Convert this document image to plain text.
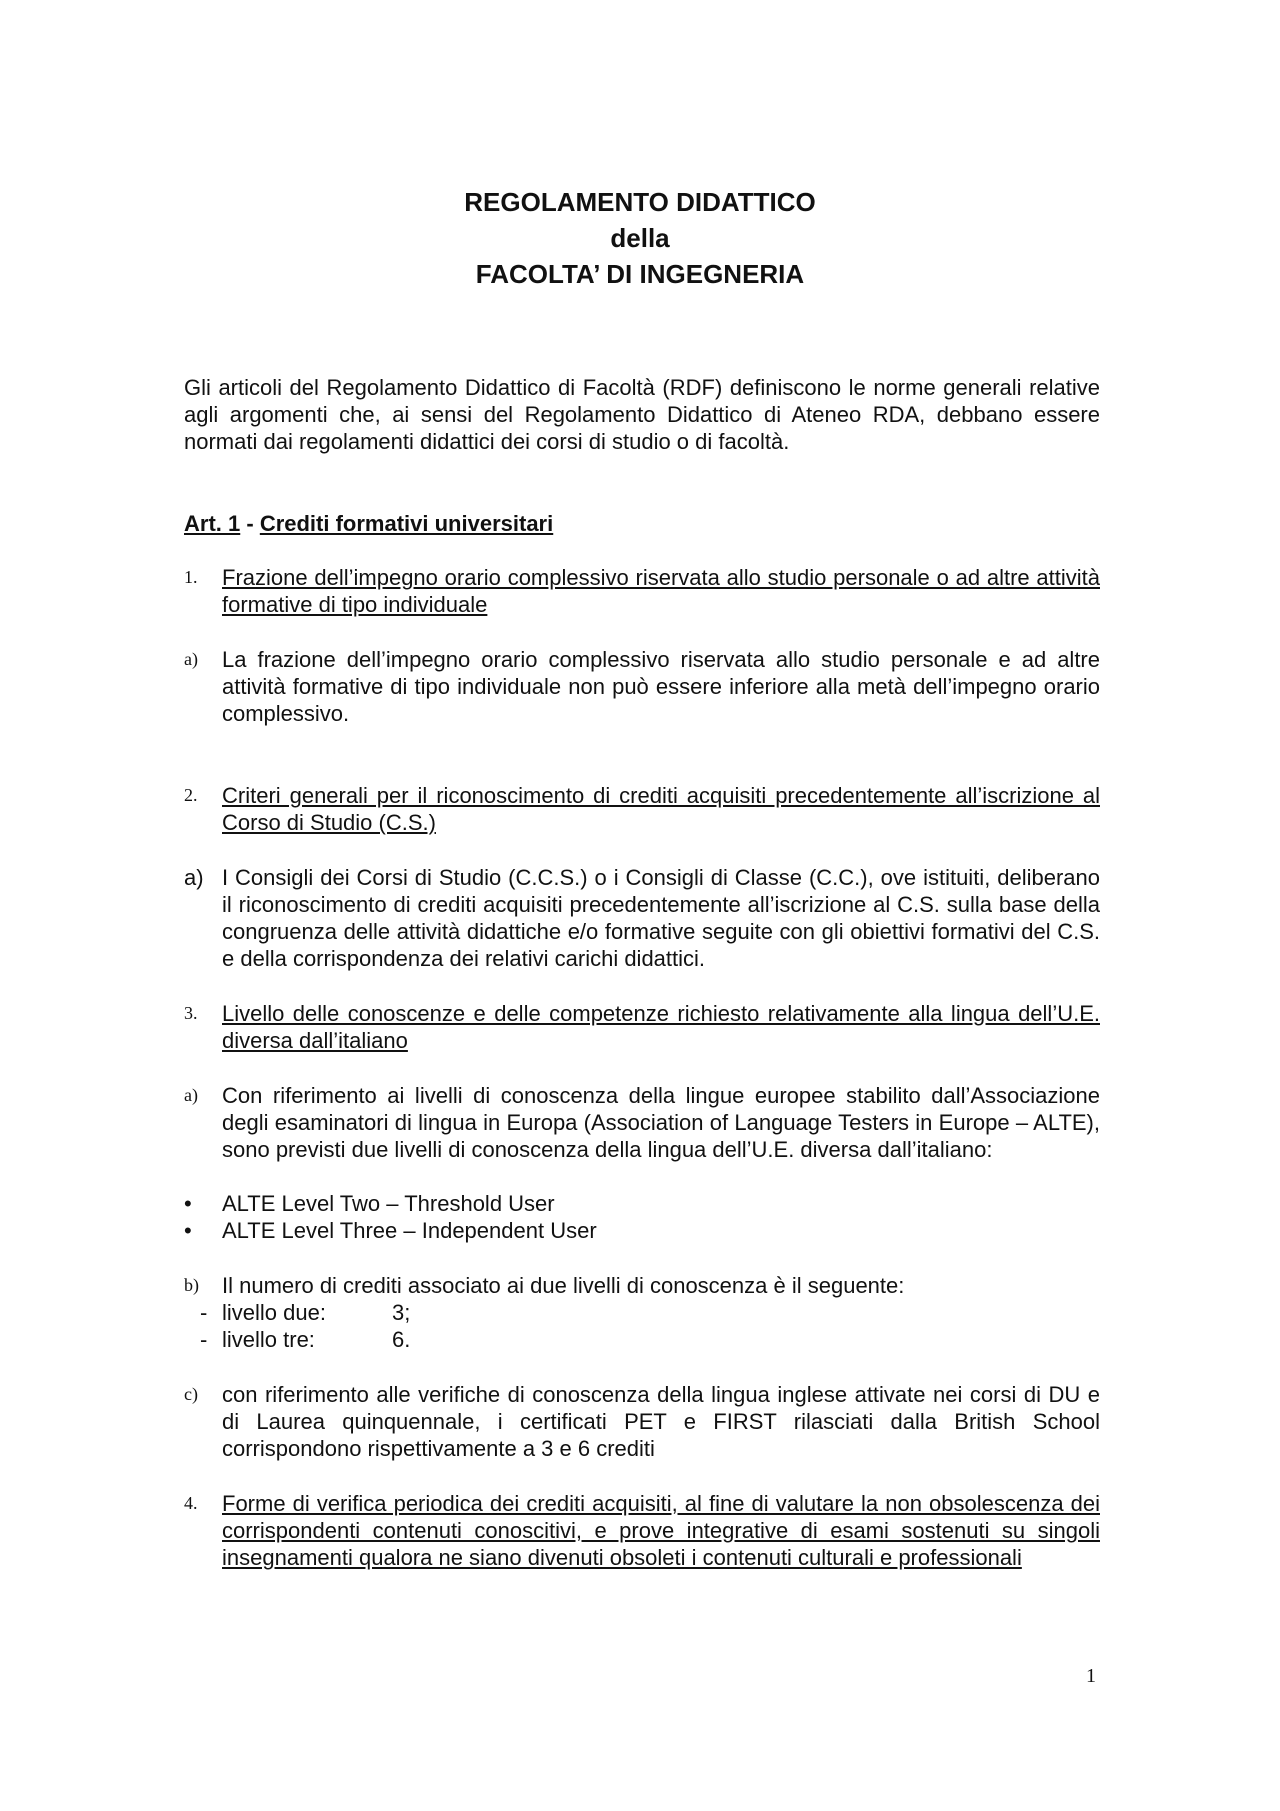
REGOLAMENTO DIDATTICO
della
FACOLTA’ DI INGEGNERIA
Gli articoli del Regolamento Didattico di Facoltà (RDF) definiscono le norme generali relative agli argomenti che, ai sensi del Regolamento Didattico di Ateneo RDA, debbano essere normati dai regolamenti didattici dei corsi di studio o di facoltà.
Art. 1 - Crediti formativi universitari
1.	Frazione dell’impegno orario complessivo riservata allo studio personale o ad altre attività formative di tipo individuale
a)	La frazione dell’impegno orario complessivo riservata allo studio personale e ad altre attività formative di tipo individuale non può essere inferiore alla metà dell’impegno orario complessivo.
2.	Criteri generali per il riconoscimento di crediti acquisiti precedentemente all’iscrizione al Corso di Studio (C.S.)
a) I Consigli dei Corsi di Studio (C.C.S.) o i Consigli di Classe (C.C.), ove istituiti, deliberano il riconoscimento di crediti acquisiti precedentemente all’iscrizione al C.S. sulla base della congruenza delle attività didattiche e/o formative seguite con gli obiettivi formativi del C.S. e della corrispondenza dei relativi carichi didattici.
3.	Livello delle conoscenze e delle competenze richiesto relativamente alla lingua dell’U.E. diversa dall’italiano
a)	Con riferimento ai livelli di conoscenza della lingue europee stabilito dall’Associazione degli esaminatori di lingua in Europa (Association of Language Testers in Europe – ALTE), sono previsti due livelli di conoscenza della lingua dell’U.E. diversa dall’italiano:
• ALTE Level Two – Threshold User
• ALTE Level Three – Independent User
b)	Il numero di crediti associato ai due livelli di conoscenza è il seguente:
- livello due:	3;
- livello tre:	6.
c)	con riferimento alle verifiche di conoscenza della lingua inglese attivate nei corsi di DU e di Laurea quinquennale, i certificati PET e FIRST rilasciati dalla British School corrispondono rispettivamente a 3 e 6 crediti
4.	Forme di verifica periodica dei crediti acquisiti, al fine di valutare la non obsolescenza dei corrispondenti contenuti conoscitivi, e prove integrative di esami sostenuti su singoli insegnamenti qualora ne siano divenuti obsoleti i contenuti culturali e professionali
1
